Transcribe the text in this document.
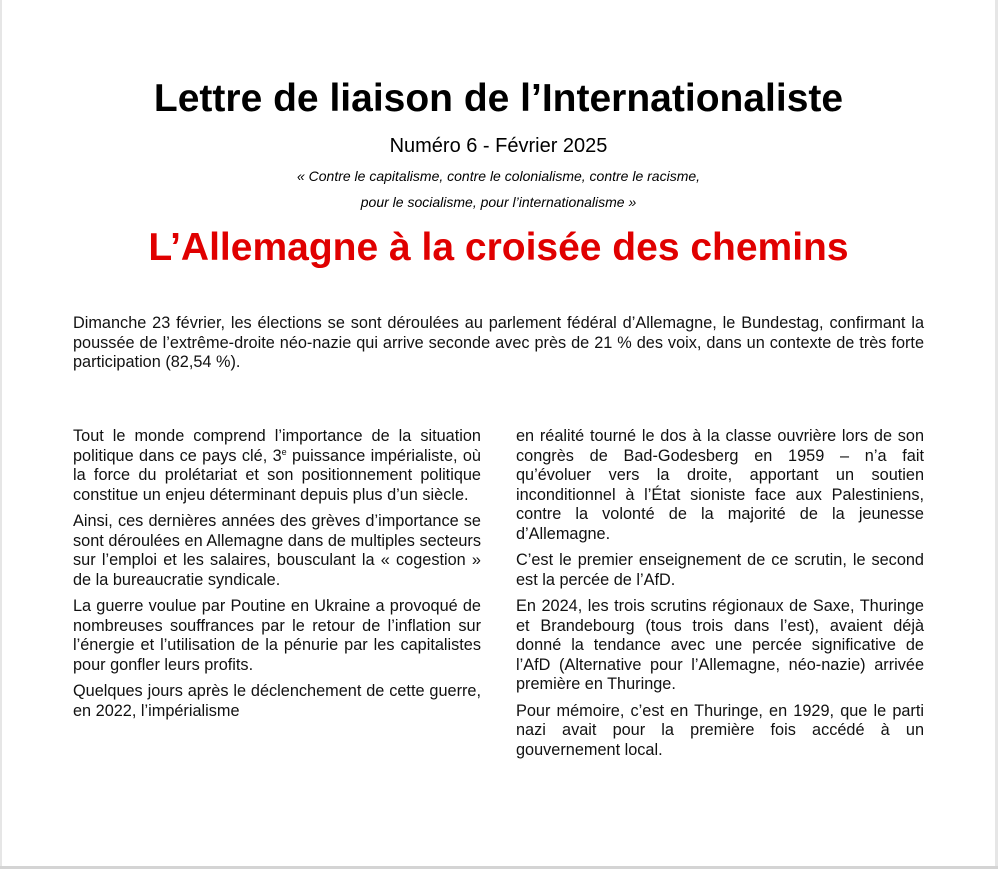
Lettre de liaison de l’Internationaliste
Numéro 6 - Février 2025
« Contre le capitalisme, contre le colonialisme, contre le racisme,
pour le socialisme, pour l’internationalisme »
L’Allemagne à la croisée des chemins
Dimanche 23 février, les élections se sont déroulées au parlement fédéral d’Allemagne, le Bundestag, confirmant la poussée de l’extrême-droite néo-nazie qui arrive seconde avec près de 21 % des voix, dans un contexte de très forte participation (82,54 %).

Tout le monde comprend l’importance de la situation politique dans ce pays clé, 3e puissance impérialiste, où la force du prolétariat et son positionnement politique constitue un enjeu déterminant depuis plus d’un siècle.

Ainsi, ces dernières années des grèves d’importance se sont déroulées en Allemagne dans de multiples secteurs sur l’emploi et les salaires, bousculant la « cogestion » de la bureaucratie syndicale.

La guerre voulue par Poutine en Ukraine a provoqué de nombreuses souffrances par le retour de l’inflation sur l’énergie et l’utilisation de la pénurie par les capitalistes pour gonfler leurs profits.

Quelques jours après le déclenchement de cette guerre, en 2022, l’impérialisme

en réalité tourné le dos à la classe ouvrière lors de son congrès de Bad-Godesberg en 1959 – n’a fait qu’évoluer vers la droite, apportant un soutien inconditionnel à l’État sioniste face aux Palestiniens, contre la volonté de la majorité de la jeunesse d’Allemagne.

C’est le premier enseignement de ce scrutin, le second est la percée de l’AfD.

En 2024, les trois scrutins régionaux de Saxe, Thuringe et Brandebourg (tous trois dans l’est), avaient déjà donné la tendance avec une percée significative de l’AfD (Alternative pour l’Allemagne, néo-nazie) arrivée première en Thuringe.

Pour mémoire, c’est en Thuringe, en 1929, que le parti nazi avait pour la première fois accédé à un gouvernement local.
